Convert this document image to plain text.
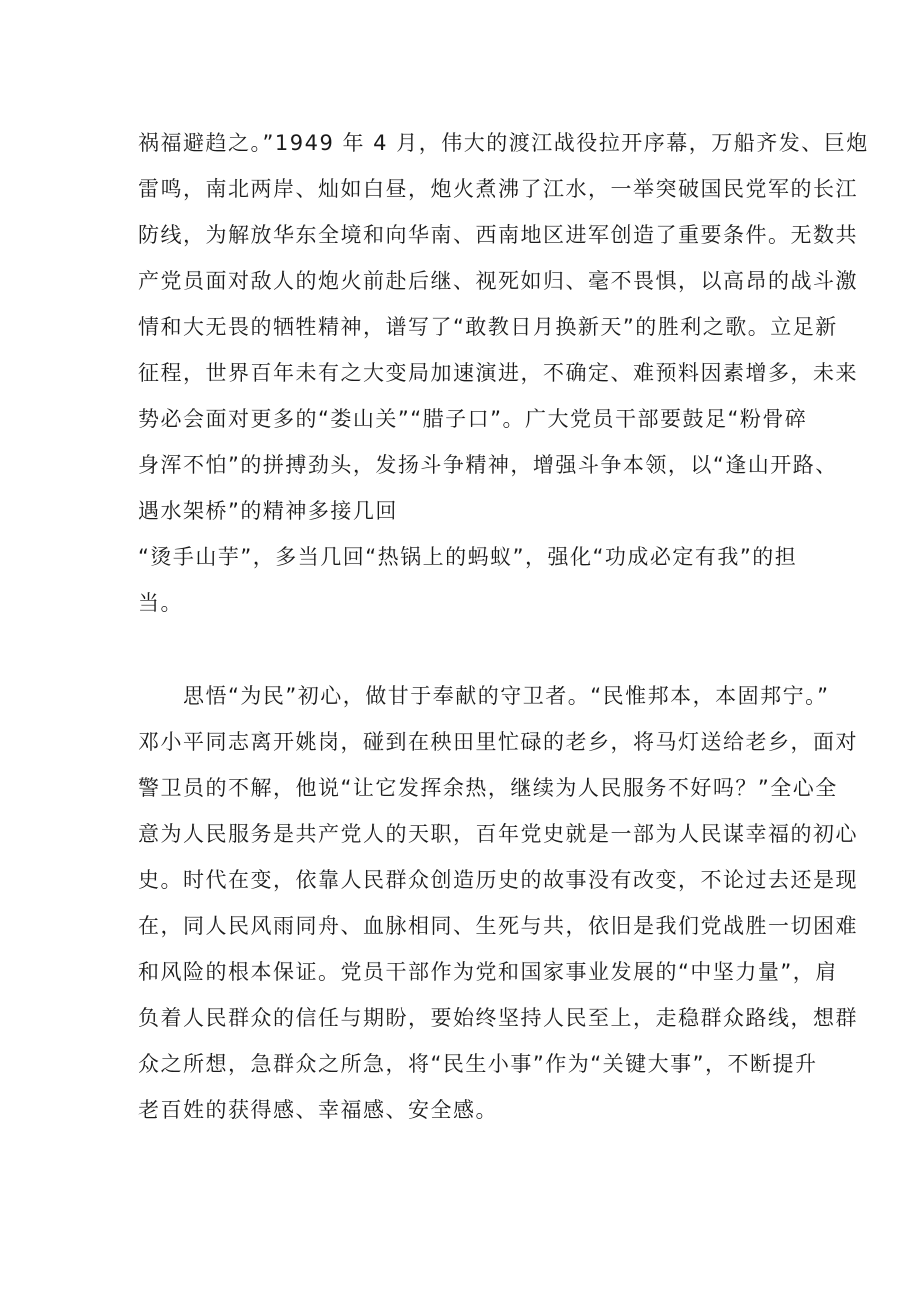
祸福避趋之。”1949 年 4 月，伟大的渡江战役拉开序幕，万船齐发、巨炮
雷鸣，南北两岸、灿如白昼，炮火煮沸了江水，一举突破国民党军的长江
防线，为解放华东全境和向华南、西南地区进军创造了重要条件。无数共
产党员面对敌人的炮火前赴后继、视死如归、毫不畏惧，以高昂的战斗激
情和大无畏的牺牲精神，谱写了“敢教日月换新天”的胜利之歌。立足新
征程，世界百年未有之大变局加速演进，不确定、难预料因素增多，未来
势必会面对更多的“娄山关”“腊子口”。广大党员干部要鼓足“粉骨碎
身浑不怕”的拼搏劲头，发扬斗争精神，增强斗争本领，以“逢山开路、
遇水架桥”的精神多接几回
“烫手山芋”，多当几回“热锅上的蚂蚁”，强化“功成必定有我”的担
当。
　　思悟“为民”初心，做甘于奉献的守卫者。“民惟邦本，本固邦宁。”
邓小平同志离开姚岗，碰到在秧田里忙碌的老乡，将马灯送给老乡，面对
警卫员的不解，他说“让它发挥余热，继续为人民服务不好吗？”全心全
意为人民服务是共产党人的天职，百年党史就是一部为人民谋幸福的初心
史。时代在变，依靠人民群众创造历史的故事没有改变，不论过去还是现
在，同人民风雨同舟、血脉相同、生死与共，依旧是我们党战胜一切困难
和风险的根本保证。党员干部作为党和国家事业发展的“中坚力量”，肩
负着人民群众的信任与期盼，要始终坚持人民至上，走稳群众路线，想群
众之所想，急群众之所急，将“民生小事”作为“关键大事”，不断提升
老百姓的获得感、幸福感、安全感。
